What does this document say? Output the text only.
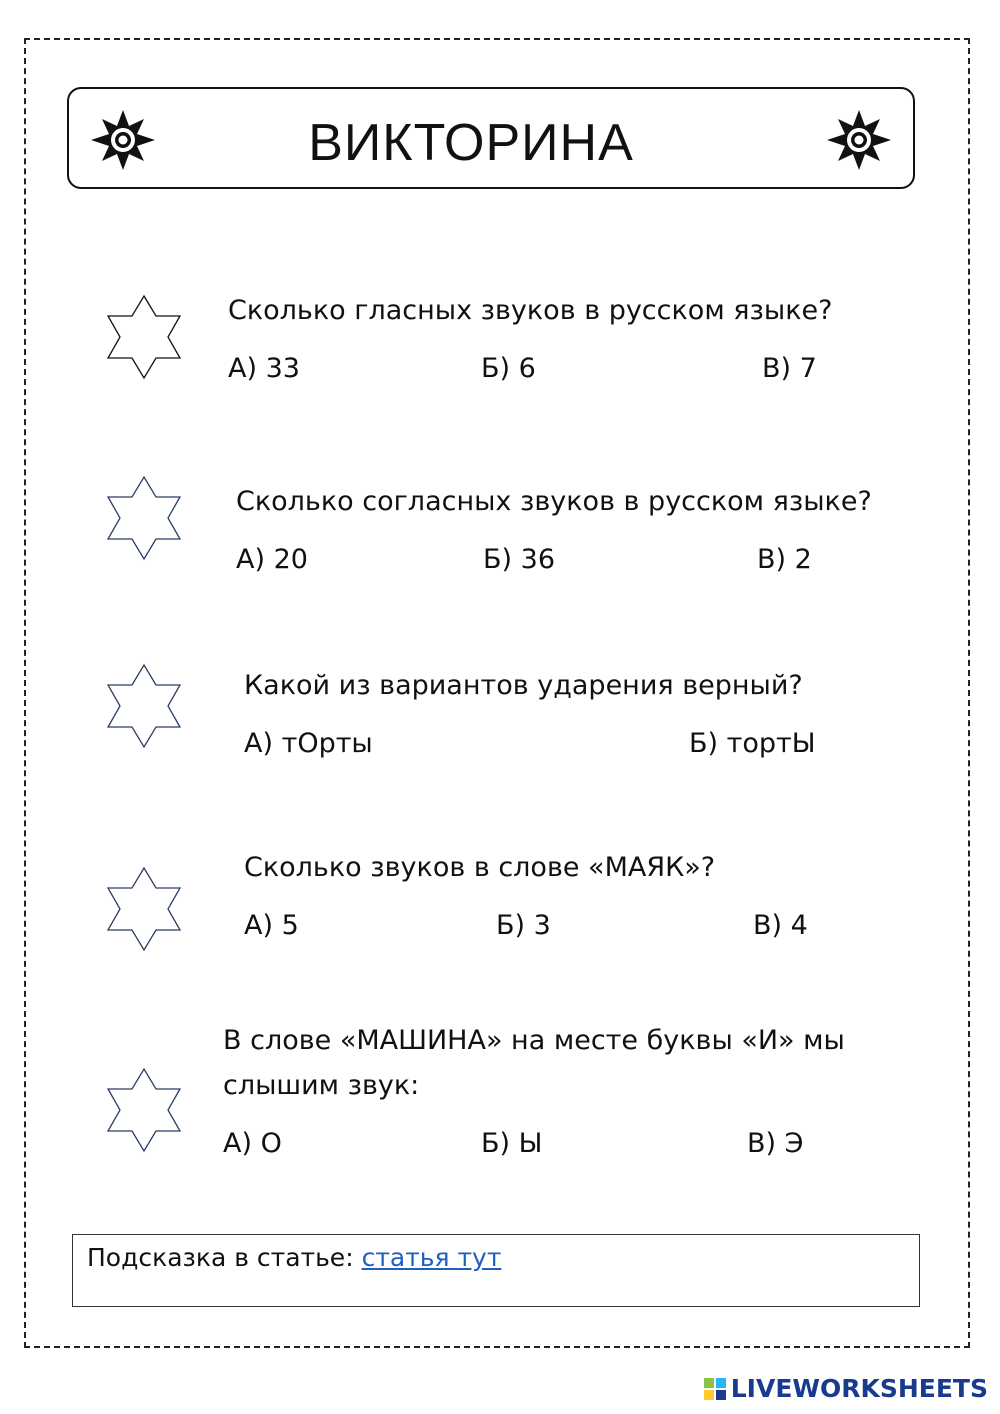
ВИКТОРИНА
Сколько гласных звуков в русском языке?
А) 33	Б) 6	В) 7
Сколько согласных звуков в русском языке?
А) 20	Б) 36	В) 2
Какой из вариантов ударения верный?
А) тОрты	Б) тортЫ
Сколько звуков в слове «МАЯК»?
А) 5	Б) 3	В) 4
В слове «МАШИНА» на месте буквы «И» мы
слышим звук:
А) О	Б) Ы	В) Э
Подсказка в статье: статья тут
LIVEWORKSHEETS
